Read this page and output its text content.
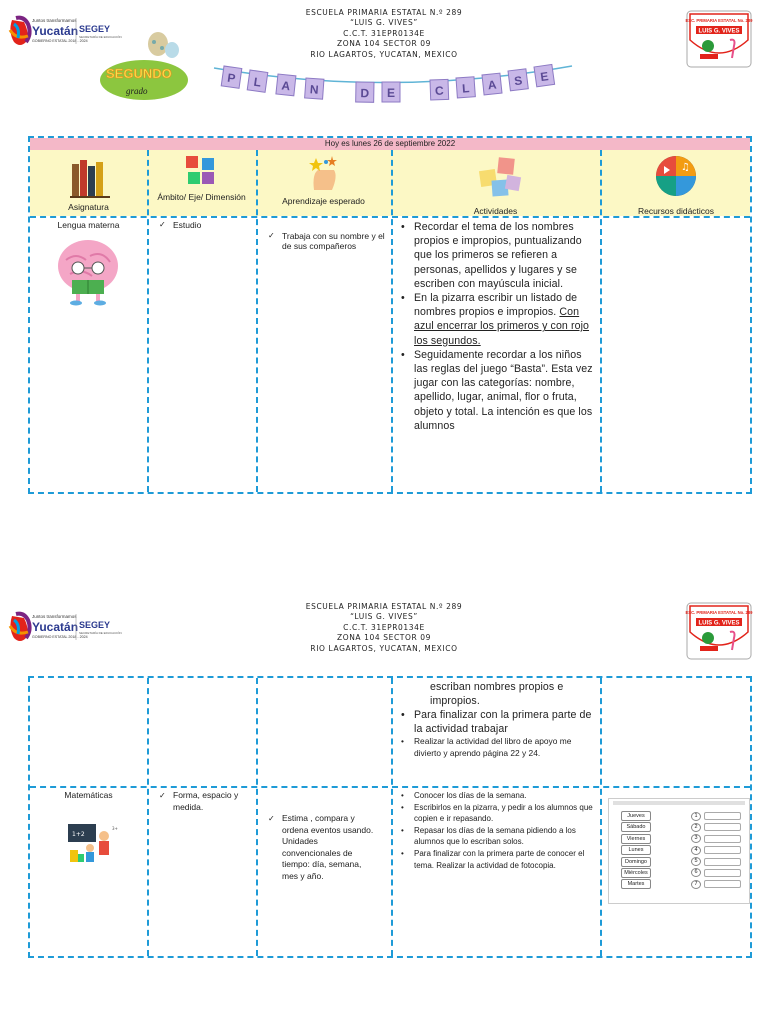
Juntos transformamos
Yucatán
GOBIERNO ESTATAL 2018 - 2024
SEGEY
SECRETARÍA DE EDUCACIÓN
ESCUELA PRIMARIA ESTATAL N.º 289
“LUIS G. VIVES”
C.C.T. 31EPR0134E
ZONA 104 SECTOR 09
RIO LAGARTOS, YUCATAN, MEXICO
SEGUNDO
grado
P L A N	D E	C L A S E
ESC. PRIMARIA ESTATAL No. 289
LUIS G. VIVES
Hoy es lunes 26 de septiembre 2022
Asignatura
Ámbito/ Eje/ Dimensión	Aprendizaje esperado
Actividades
♫
Recursos didácticos
Lengua materna
✓	Estudio
✓ Trabaja con su nombre y el de sus compañeros
• Recordar el tema de los nombres propios e impropios, puntualizando que los primeros se refieren a personas, apellidos y lugares y se escriben con mayúscula inicial.
• En la pizarra escribir un listado de nombres propios e impropios. Con azul encerrar los primeros y con rojo los segundos.
• Seguidamente recordar a los niños las reglas del juego “Basta”. Esta vez jugar con las categorías: nombre, apellido, lugar, animal, flor o fruta, objeto y total. La intención es que los alumnos
Juntos transformamos
Yucatán
GOBIERNO ESTATAL 2018 - 2024
SEGEY
SECRETARÍA DE EDUCACIÓN
ESCUELA PRIMARIA ESTATAL N.º 289
“LUIS G. VIVES”
C.C.T. 31EPR0134E
ZONA 104 SECTOR 09
RIO LAGARTOS, YUCATAN, MEXICO
ESC. PRIMARIA ESTATAL No. 289
LUIS G. VIVES
escriban nombres propios e impropios.
• Para finalizar con la primera parte de la actividad trabajar
• Realizar la actividad del libro de apoyo me divierto y aprendo página 22 y 24.
Matemáticas
1+2
3+
✓ Forma, espacio y medida.
✓ Estima , compara y ordena eventos usando. Unidades convencionales de tiempo: día, semana, mes y año.
• Conocer los días de la semana.
• Escribirlos en la pizarra, y pedir a los alumnos que copien e ir repasando.
• Repasar los días de la semana pidiendo a los alumnos que lo escriban solos.
• Para finalizar con la primera parte de conocer el tema. Realizar la actividad de fotocopia.
Jueves
Sábado
Viernes
Lunes
Domingo
Miércoles
Martes
1
2
3
4
5
6
7
